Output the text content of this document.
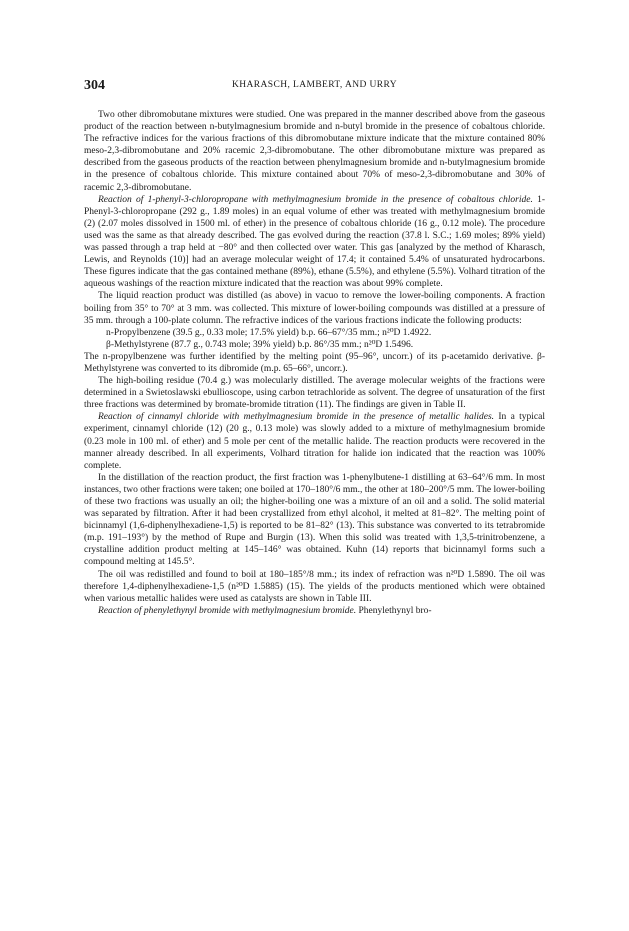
304	KHARASCH, LAMBERT, AND URRY

Two other dibromobutane mixtures were studied. One was prepared in the manner described above from the gaseous product of the reaction between n-butylmagnesium bromide and n-butyl bromide in the presence of cobaltous chloride. The refractive indices for the various fractions of this dibromobutane mixture indicate that the mixture contained 80% meso-2,3-dibromobutane and 20% racemic 2,3-dibromobutane. The other dibromobutane mixture was prepared as described from the gaseous products of the reaction between phenylmagnesium bromide and n-butylmagnesium bromide in the presence of cobaltous chloride. This mixture contained about 70% of meso-2,3-dibromobutane and 30% of racemic 2,3-dibromobutane.

Reaction of 1-phenyl-3-chloropropane with methylmagnesium bromide in the presence of cobaltous chloride. 1-Phenyl-3-chloropropane (292 g., 1.89 moles) in an equal volume of ether was treated with methylmagnesium bromide (2) (2.07 moles dissolved in 1500 ml. of ether) in the presence of cobaltous chloride (16 g., 0.12 mole). The procedure used was the same as that already described. The gas evolved during the reaction (37.8 l. S.C.; 1.69 moles; 89% yield) was passed through a trap held at −80° and then collected over water. This gas [analyzed by the method of Kharasch, Lewis, and Reynolds (10)] had an average molecular weight of 17.4; it contained 5.4% of unsaturated hydrocarbons. These figures indicate that the gas contained methane (89%), ethane (5.5%), and ethylene (5.5%). Volhard titration of the aqueous washings of the reaction mixture indicated that the reaction was about 99% complete.

The liquid reaction product was distilled (as above) in vacuo to remove the lower-boiling components. A fraction boiling from 35° to 70° at 3 mm. was collected. This mixture of lower-boiling compounds was distilled at a pressure of 35 mm. through a 100-plate column. The refractive indices of the various fractions indicate the following products:

n-Propylbenzene (39.5 g., 0.33 mole; 17.5% yield) b.p. 66–67°/35 mm.; n²⁰D 1.4922.

β-Methylstyrene (87.7 g., 0.743 mole; 39% yield) b.p. 86°/35 mm.; n²⁰D 1.5496.

The n-propylbenzene was further identified by the melting point (95–96°, uncorr.) of its p-acetamido derivative. β-Methylstyrene was converted to its dibromide (m.p. 65–66°, uncorr.).

The high-boiling residue (70.4 g.) was molecularly distilled. The average molecular weights of the fractions were determined in a Swietoslawski ebullioscope, using carbon tetrachloride as solvent. The degree of unsaturation of the first three fractions was determined by bromate-bromide titration (11). The findings are given in Table II.

Reaction of cinnamyl chloride with methylmagnesium bromide in the presence of metallic halides. In a typical experiment, cinnamyl chloride (12) (20 g., 0.13 mole) was slowly added to a mixture of methylmagnesium bromide (0.23 mole in 100 ml. of ether) and 5 mole per cent of the metallic halide. The reaction products were recovered in the manner already described. In all experiments, Volhard titration for halide ion indicated that the reaction was 100% complete.

In the distillation of the reaction product, the first fraction was 1-phenylbutene-1 distilling at 63–64°/6 mm. In most instances, two other fractions were taken; one boiled at 170–180°/6 mm., the other at 180–200°/5 mm. The lower-boiling of these two fractions was usually an oil; the higher-boiling one was a mixture of an oil and a solid. The solid material was separated by filtration. After it had been crystallized from ethyl alcohol, it melted at 81–82°. The melting point of bicinnamyl (1,6-diphenylhexadiene-1,5) is reported to be 81–82° (13). This substance was converted to its tetrabromide (m.p. 191–193°) by the method of Rupe and Burgin (13). When this solid was treated with 1,3,5-trinitrobenzene, a crystalline addition product melting at 145–146° was obtained. Kuhn (14) reports that bicinnamyl forms such a compound melting at 145.5°.

The oil was redistilled and found to boil at 180–185°/8 mm.; its index of refraction was n²⁰D 1.5890. The oil was therefore 1,4-diphenylhexadiene-1,5 (n²⁰D 1.5885) (15). The yields of the products mentioned which were obtained when various metallic halides were used as catalysts are shown in Table III.

Reaction of phenylethynyl bromide with methylmagnesium bromide. Phenylethynyl bro-
